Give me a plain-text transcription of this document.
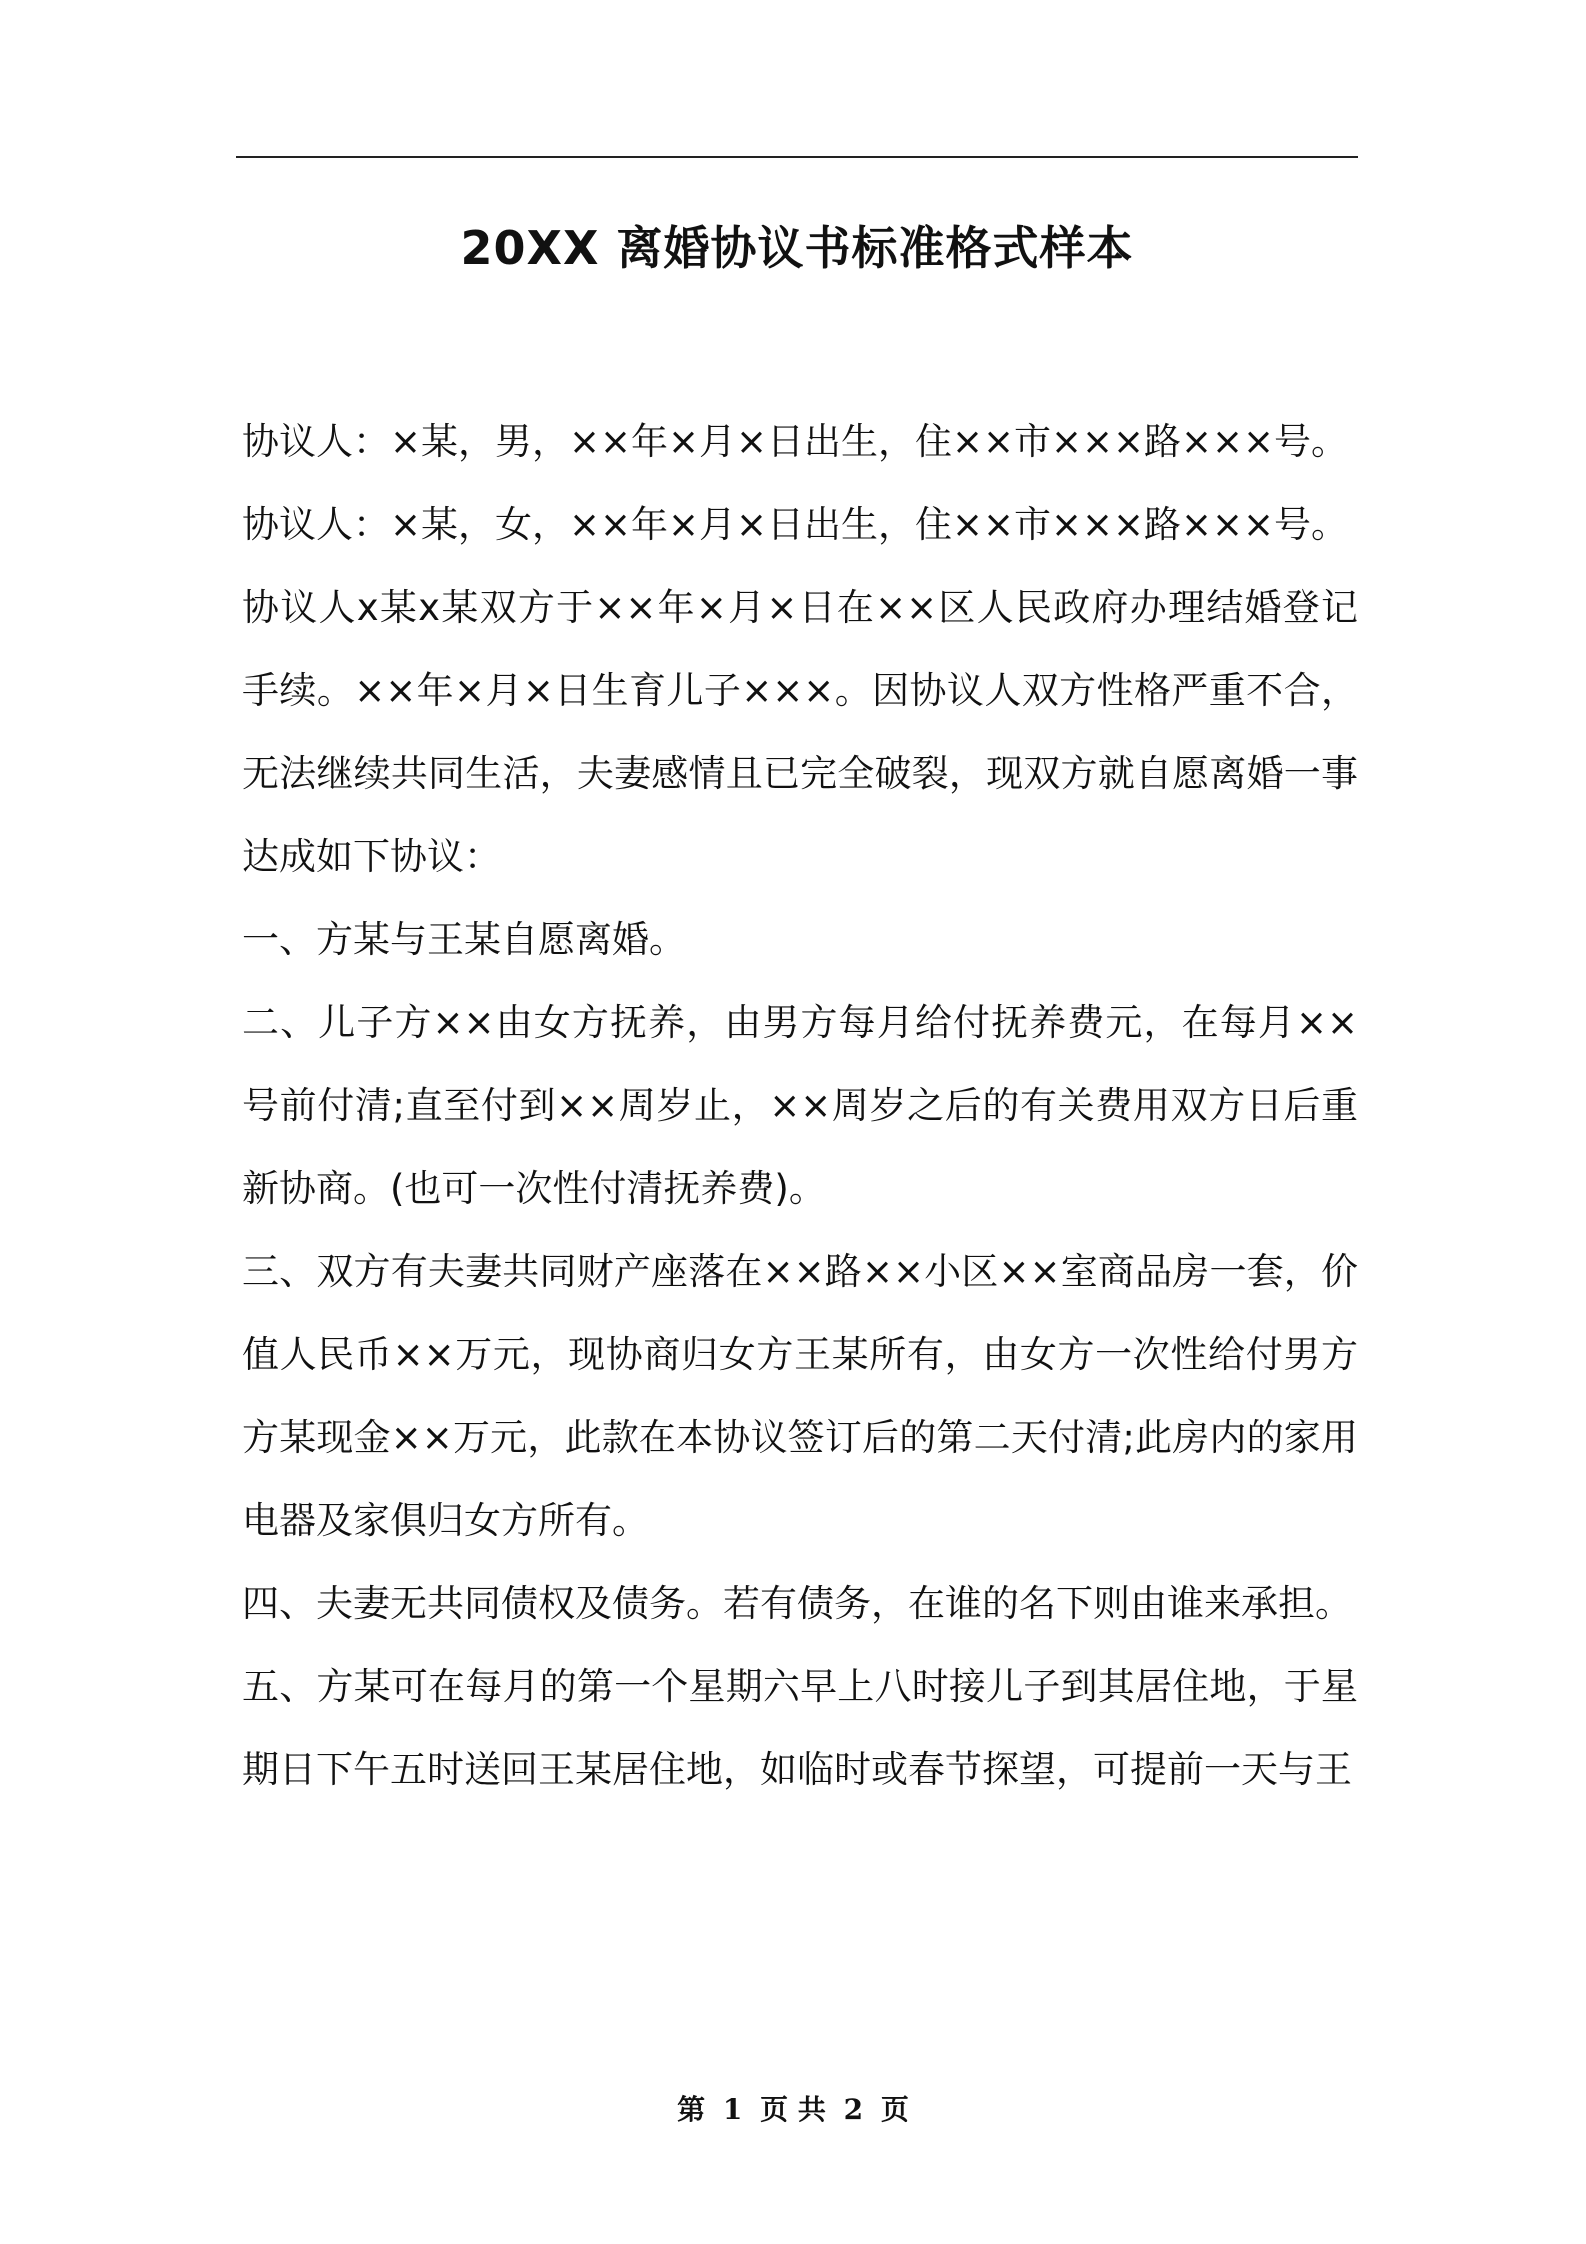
20XX 离婚协议书标准格式样本

协议人：×某，男，××年×月×日出生，住××市×××路×××号。

协议人：×某，女，××年×月×日出生，住××市×××路×××号。

协议人x某x某双方于××年×月×日在××区人民政府办理结婚登记手续。××年×月×日生育儿子×××。因协议人双方性格严重不合，无法继续共同生活，夫妻感情且已完全破裂，现双方就自愿离婚一事达成如下协议：

一、方某与王某自愿离婚。

二、儿子方××由女方抚养，由男方每月给付抚养费元，在每月××号前付清;直至付到××周岁止，××周岁之后的有关费用双方日后重新协商。(也可一次性付清抚养费)。

三、双方有夫妻共同财产座落在××路××小区××室商品房一套，价值人民币××万元，现协商归女方王某所有，由女方一次性给付男方方某现金××万元，此款在本协议签订后的第二天付清;此房内的家用电器及家俱归女方所有。

四、夫妻无共同债权及债务。若有债务，在谁的名下则由谁来承担。

五、方某可在每月的第一个星期六早上八时接儿子到其居住地，于星期日下午五时送回王某居住地，如临时或春节探望，可提前一天与王

第 1 页 共 2 页
